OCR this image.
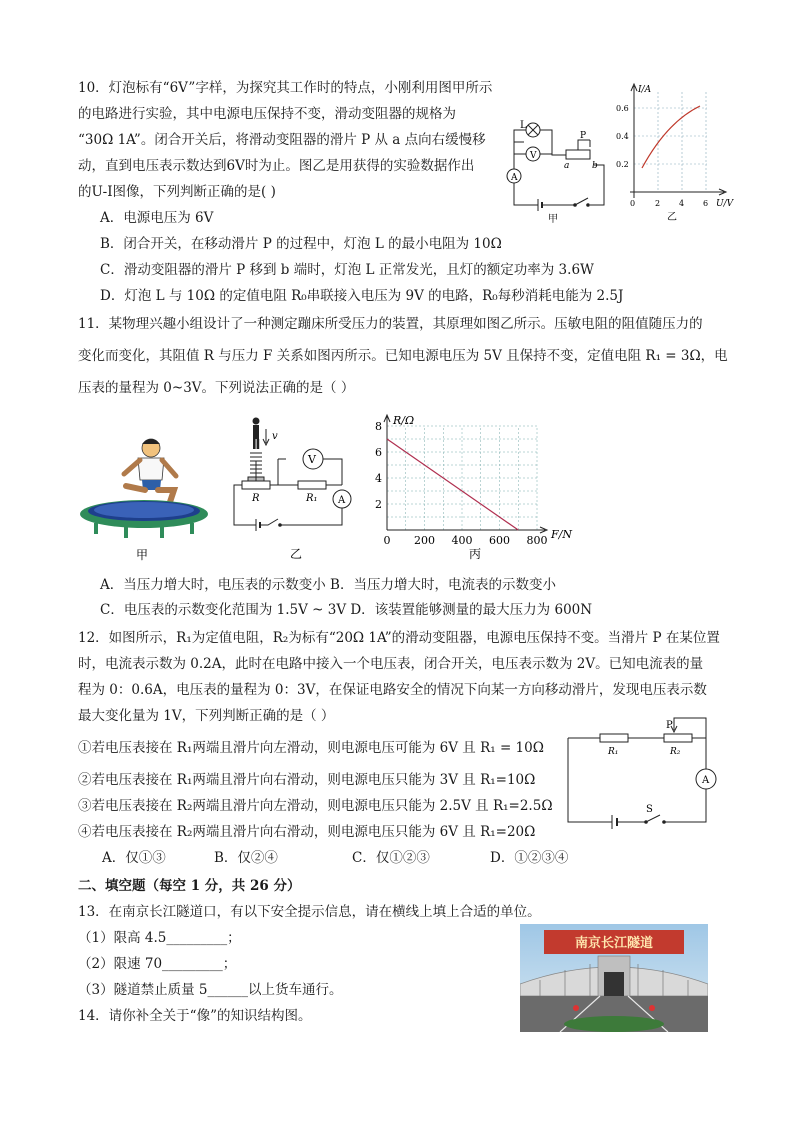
10．灯泡标有“6V”字样，为探究其工作时的特点，小刚利用图甲所示
的电路进行实验，其中电源电压保持不变，滑动变阻器的规格为
“30Ω 1A”。闭合开关后，将滑动变阻器的滑片 P 从 a 点向右缓慢移
动，直到电压表示数达到6V时为止。图乙是用获得的实验数据作出
的U-I图像，下列判断正确的是( )
A．电源电压为 6V
B．闭合开关，在移动滑片 P 的过程中，灯泡 L 的最小电阻为 10Ω
C．滑动变阻器的滑片 P 移到 b 端时，灯泡 L 正常发光，且灯的额定功率为 3.6W
D．灯泡 L 与 10Ω 的定值电阻 R₀串联接入电压为 9V 的电路，R₀每秒消耗电能为 2.5J
L
V
A
P
a	b
甲
I/A
0.6
0.4
0.2
0 2 4 6 U/V
乙
11．某物理兴趣小组设计了一种测定蹦床所受压力的装置，其原理如图乙所示。压敏电阻的阻值随压力的
变化而变化，其阻值 R 与压力 F 关系如图丙所示。已知电源电压为 5V 且保持不变，定值电阻 R₁ = 3Ω，电
压表的量程为 0~3V。下列说法正确的是（ ）
甲
v
V
A
R	R₁
乙
R/Ω
F/N
2
4
6
8
0 200 400 600 800
丙
A．当压力增大时，电压表的示数变小 B．当压力增大时，电流表的示数变小
C．电压表的示数变化范围为 1.5V ~ 3V D．该装置能够测量的最大压力为 600N
12．如图所示，R₁为定值电阻，R₂为标有“20Ω 1A”的滑动变阻器，电源电压保持不变。当滑片 P 在某位置
时，电流表示数为 0.2A，此时在电路中接入一个电压表，闭合开关，电压表示数为 2V。已知电流表的量
程为 0：0.6A，电压表的量程为 0：3V，在保证电路安全的情况下向某一方向移动滑片，发现电压表示数
最大变化量为 1V，下列判断正确的是（ ）
①若电压表接在 R₁两端且滑片向左滑动，则电源电压可能为 6V 且 R₁ = 10Ω
②若电压表接在 R₁两端且滑片向右滑动，则电源电压只能为 3V 且 R₁=10Ω
③若电压表接在 R₂两端且滑片向左滑动，则电源电压只能为 2.5V 且 R₁=2.5Ω
④若电压表接在 R₂两端且滑片向右滑动，则电源电压只能为 6V 且 R₁=20Ω
A．仅①③	B．仅②④	C．仅①②③	D．①②③④
P
R₁	R₂
A
S
二、填空题（每空 1 分，共 26 分）
13．在南京长江隧道口，有以下安全提示信息，请在横线上填上合适的单位。
（1）限高 4.5_________；
（2）限速 70_________；
（3）隧道禁止质量 5______以上货车通行。
14．请你补全关于“像”的知识结构图。
南京长江隧道
